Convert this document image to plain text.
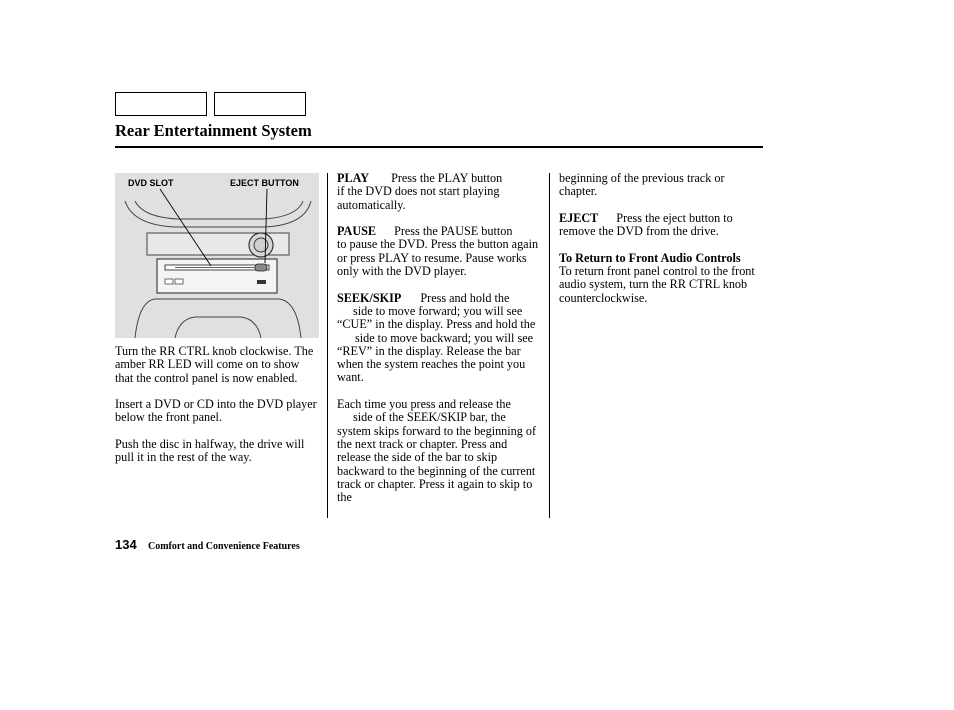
Rear Entertainment System
DVD SLOT	EJECT BUTTON

Turn the RR CTRL knob clockwise. The amber RR LED will come on to show that the control panel is now enabled.

Insert a DVD or CD into the DVD player below the front panel.

Push the disc in halfway, the drive will pull it in the rest of the way.

PLAY Press the PLAY button
if the DVD does not start playing automatically.

PAUSE Press the PAUSE button
to pause the DVD. Press the button again or press PLAY to resume. Pause works only with the DVD player.

SEEK/SKIP Press and hold the
side to move forward; you will see “CUE” in the display. Press and hold theside to move backward; you will see “REV” in the display. Release the bar when the system reaches the point you want.

Each time you press and release the
side of the SEEK/SKIP bar, the system skips forward to the beginning of the next track or chapter. Press and release the side of the bar to skip backward to the beginning of the current track or chapter. Press it again to skip to the

beginning of the previous track or chapter.

EJECT Press the eject button to
remove the DVD from the drive.

To Return to Front Audio Controls
To return front panel control to the front audio system, turn the RR CTRL knob counterclockwise.
134 Comfort and Convenience Features
